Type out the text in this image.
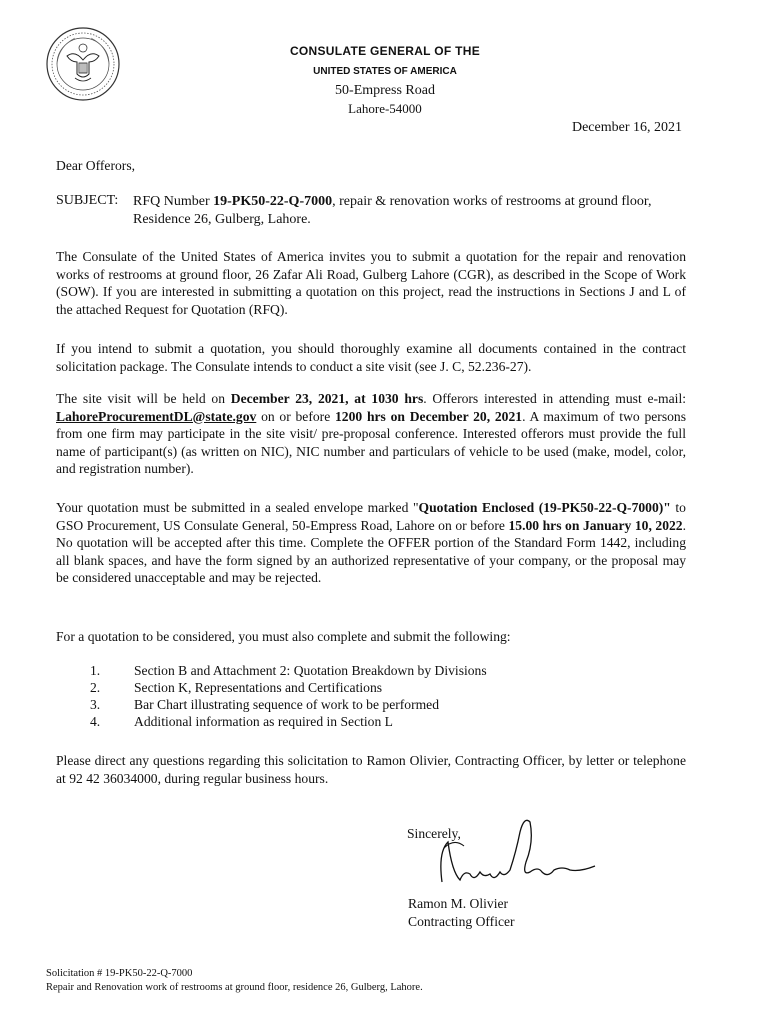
CONSULATE GENERAL OF THE
UNITED STATES OF AMERICA
50-Empress Road
Lahore-54000
December 16, 2021
Dear Offerors,
SUBJECT: RFQ Number 19-PK50-22-Q-7000, repair & renovation works of restrooms at ground floor, Residence 26, Gulberg, Lahore.
The Consulate of the United States of America invites you to submit a quotation for the repair and renovation works of restrooms at ground floor, 26 Zafar Ali Road, Gulberg Lahore (CGR), as described in the Scope of Work (SOW). If you are interested in submitting a quotation on this project, read the instructions in Sections J and L of the attached Request for Quotation (RFQ).
If you intend to submit a quotation, you should thoroughly examine all documents contained in the contract solicitation package. The Consulate intends to conduct a site visit (see J. C, 52.236-27).
The site visit will be held on December 23, 2021, at 1030 hrs. Offerors interested in attending must e-mail: LahoreProcurementDL@state.gov on or before 1200 hrs on December 20, 2021. A maximum of two persons from one firm may participate in the site visit/ pre-proposal conference. Interested offerors must provide the full name of participant(s) (as written on NIC), NIC number and particulars of vehicle to be used (make, model, color, and registration number).
Your quotation must be submitted in a sealed envelope marked "Quotation Enclosed (19-PK50-22-Q-7000)" to GSO Procurement, US Consulate General, 50-Empress Road, Lahore on or before 15.00 hrs on January 10, 2022. No quotation will be accepted after this time. Complete the OFFER portion of the Standard Form 1442, including all blank spaces, and have the form signed by an authorized representative of your company, or the proposal may be considered unacceptable and may be rejected.
For a quotation to be considered, you must also complete and submit the following:
1. Section B and Attachment 2: Quotation Breakdown by Divisions
2. Section K, Representations and Certifications
3. Bar Chart illustrating sequence of work to be performed
4. Additional information as required in Section L
Please direct any questions regarding this solicitation to Ramon Olivier, Contracting Officer, by letter or telephone at 92 42 36034000, during regular business hours.
Sincerely,
Ramon M. Olivier
Contracting Officer
Solicitation # 19-PK50-22-Q-7000
Repair and Renovation work of restrooms at ground floor, residence 26, Gulberg, Lahore.
